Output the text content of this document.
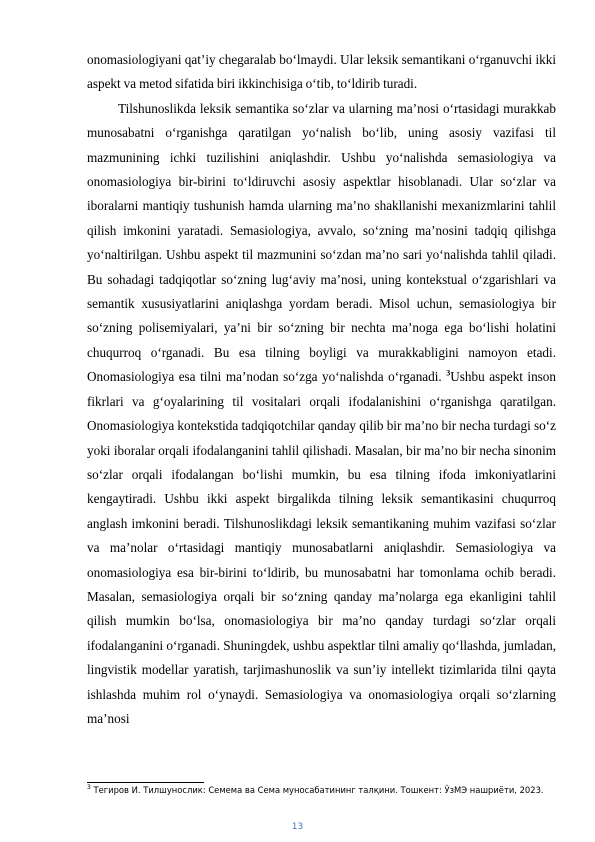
onomasiologiyani qat’iy chegaralab bo‘lmaydi. Ular leksik semantikani o‘rganuvchi ikki aspekt va metod sifatida biri ikkinchisiga o‘tib, to‘ldirib turadi.

Tilshunoslikda leksik semantika so‘zlar va ularning ma’nosi o‘rtasidagi murakkab munosabatni o‘rganishga qaratilgan yo‘nalish bo‘lib, uning asosiy vazifasi til mazmunining ichki tuzilishini aniqlashdir. Ushbu yo‘nalishda semasiologiya va onomasiologiya bir-birini to‘ldiruvchi asosiy aspektlar hisoblanadi. Ular so‘zlar va iboralarni mantiqiy tushunish hamda ularning ma’no shakllanishi mexanizmlarini tahlil qilish imkonini yaratadi. Semasiologiya, avvalo, so‘zning ma’nosini tadqiq qilishga yo‘naltirilgan. Ushbu aspekt til mazmunini so‘zdan ma’no sari yo‘nalishda tahlil qiladi. Bu sohadagi tadqiqotlar so‘zning lug‘aviy ma’nosi, uning kontekstual o‘zgarishlari va semantik xususiyatlarini aniqlashga yordam beradi. Misol uchun, semasiologiya bir so‘zning polisemiyalari, ya’ni bir so‘zning bir nechta ma’noga ega bo‘lishi holatini chuqurroq o‘rganadi. Bu esa tilning boyligi va murakkabligini namoyon etadi. Onomasiologiya esa tilni ma’nodan so‘zga yo‘nalishda o‘rganadi. $^3$Ushbu aspekt inson fikrlari va g‘oyalarining til vositalari orqali ifodalanishini o‘rganishga qaratilgan. Onomasiologiya kontekstida tadqiqotchilar qanday qilib bir ma’no bir necha turdagi so‘z yoki iboralar orqali ifodalanganini tahlil qilishadi. Masalan, bir ma’no bir necha sinonim so‘zlar orqali ifodalangan bo‘lishi mumkin, bu esa tilning ifoda imkoniyatlarini kengaytiradi. Ushbu ikki aspekt birgalikda tilning leksik semantikasini chuqurroq anglash imkonini beradi. Tilshunoslikdagi leksik semantikaning muhim vazifasi so‘zlar va ma’nolar o‘rtasidagi mantiqiy munosabatlarni aniqlashdir. Semasiologiya va onomasiologiya esa bir-birini to‘ldirib, bu munosabatni har tomonlama ochib beradi. Masalan, semasiologiya orqali bir so‘zning qanday ma’nolarga ega ekanligini tahlil qilish mumkin bo‘lsa, onomasiologiya bir ma’no qanday turdagi so‘zlar orqali ifodalanganini o‘rganadi. Shuningdek, ushbu aspektlar tilni amaliy qo‘llashda, jumladan, lingvistik modellar yaratish, tarjimashunoslik va sun’iy intellekt tizimlarida tilni qayta ishlashda muhim rol o‘ynaydi. Semasiologiya va onomasiologiya orqali so‘zlarning ma’nosi

$^3$ Тегиров И. Тилшунослик: Семема ва Сема муносабатининг талқини. Тошкент: ЎзМЭ нашриёти, 2023.

13
